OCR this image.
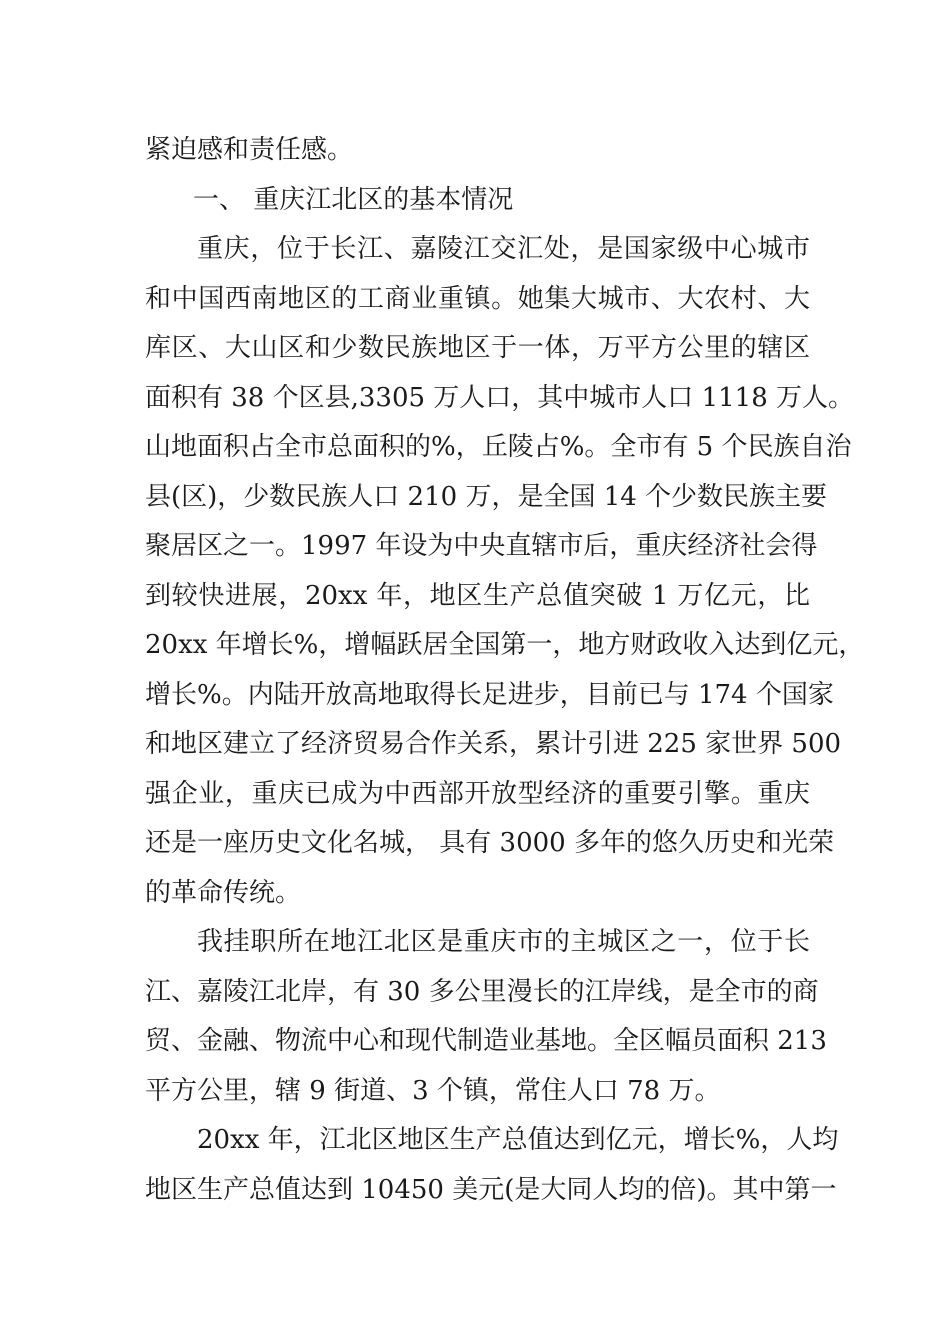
紧迫感和责任感。
一、 重庆江北区的基本情况
重庆，位于长江、嘉陵江交汇处，是国家级中心城市
和中国西南地区的工商业重镇。她集大城市、大农村、大
库区、大山区和少数民族地区于一体，万平方公里的辖区
面积有 38 个区县,3305 万人口，其中城市人口 1118 万人。
山地面积占全市总面积的%，丘陵占%。全市有 5 个民族自治
县(区)，少数民族人口 210 万，是全国 14 个少数民族主要
聚居区之一。1997 年设为中央直辖市后，重庆经济社会得
到较快进展，20xx 年，地区生产总值突破 1 万亿元，比
20xx 年增长%，增幅跃居全国第一，地方财政收入达到亿元，
增长%。内陆开放高地取得长足进步，目前已与 174 个国家
和地区建立了经济贸易合作关系，累计引进 225 家世界 500
强企业，重庆已成为中西部开放型经济的重要引擎。重庆
还是一座历史文化名城， 具有 3000 多年的悠久历史和光荣
的革命传统。
我挂职所在地江北区是重庆市的主城区之一，位于长
江、嘉陵江北岸，有 30 多公里漫长的江岸线，是全市的商
贸、金融、物流中心和现代制造业基地。全区幅员面积 213
平方公里，辖 9 街道、3 个镇，常住人口 78 万。
20xx 年，江北区地区生产总值达到亿元，增长%，人均
地区生产总值达到 10450 美元(是大同人均的倍)。其中第一
